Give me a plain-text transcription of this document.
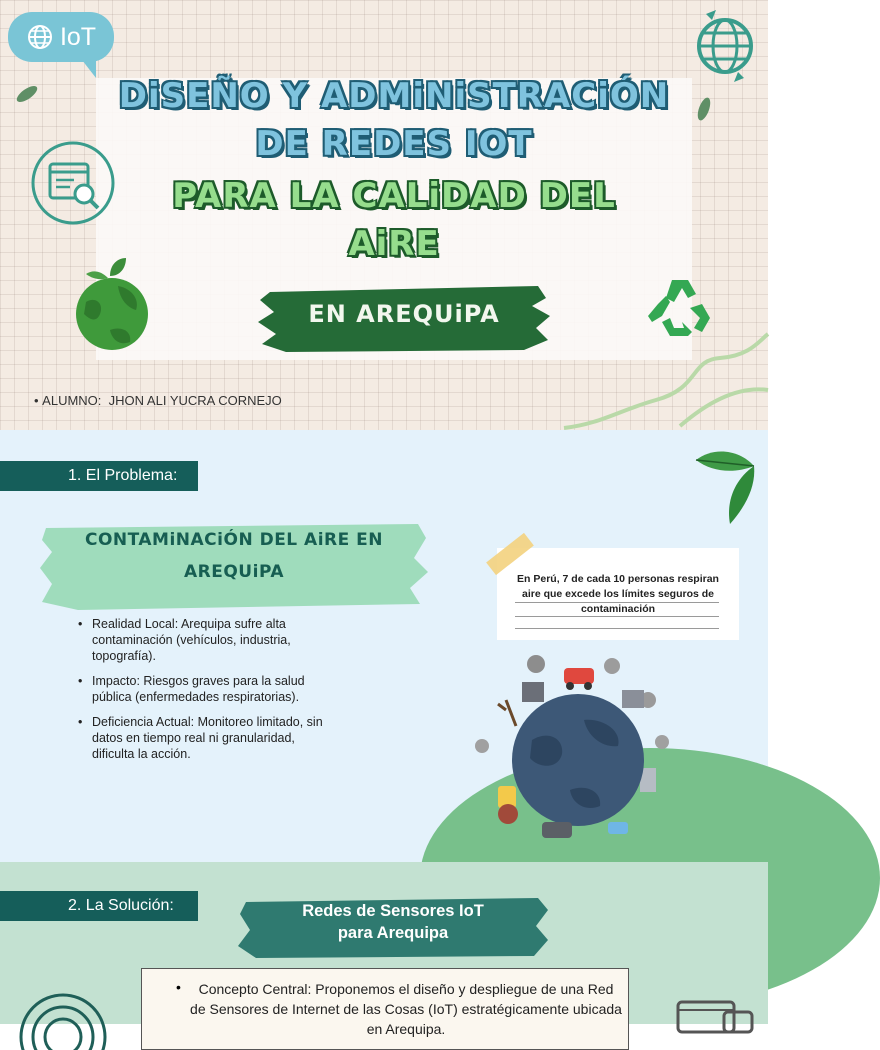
IoT
DiSEÑO Y ADMiNiSTRACiÓN
DE REDES IOT
PARA LA CALiDAD DEL
AiRE
EN AREQUiPA
• ALUMNO: JHON ALI YUCRA CORNEJO
1. El Problema:
CONTAMiNACiÓN DEL AiRE EN
AREQUiPA
• Realidad Local: Arequipa sufre alta contaminación (vehículos, industria, topografía).
• Impacto: Riesgos graves para la salud pública (enfermedades respiratorias).
• Deficiencia Actual: Monitoreo limitado, sin datos en tiempo real ni granularidad, dificulta la acción.
En Perú, 7 de cada 10 personas respiran
aire que excede los límites seguros de
contaminación
2. La Solución:	Redes de Sensores IoT
para Arequipa
•	Concepto Central: Proponemos el diseño y despliegue de una Red de Sensores de Internet de las Cosas (IoT) estratégicamente ubicada en Arequipa.
